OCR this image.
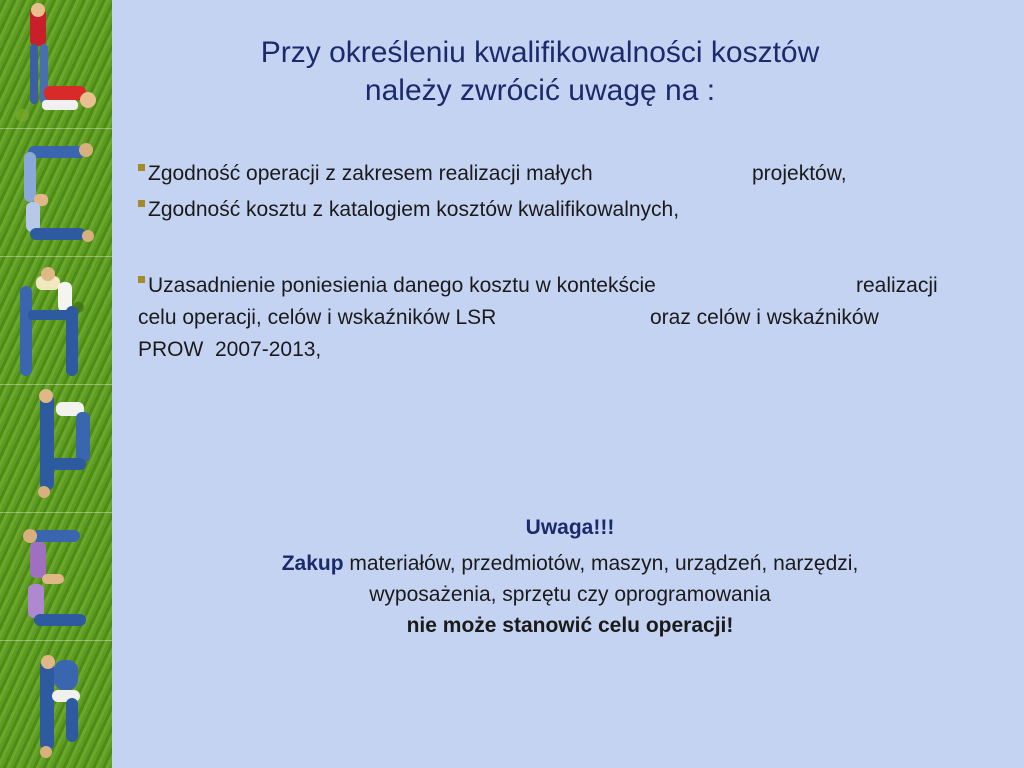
Przy określeniu kwalifikowalności kosztów
należy zwrócić uwagę na :
Zgodność operacji z zakresem realizacji małych	projektów,
Zgodność kosztu z katalogiem kosztów kwalifikowalnych,
Uzasadnienie poniesienia danego kosztu w kontekście	realizacji
celu operacji, celów i wskaźników LSR	oraz celów i wskaźników
PROW  2007-2013,
Uwaga!!!
Zakup materiałów, przedmiotów, maszyn, urządzeń, narzędzi,
wyposażenia, sprzętu czy oprogramowania
nie może stanowić celu operacji!
